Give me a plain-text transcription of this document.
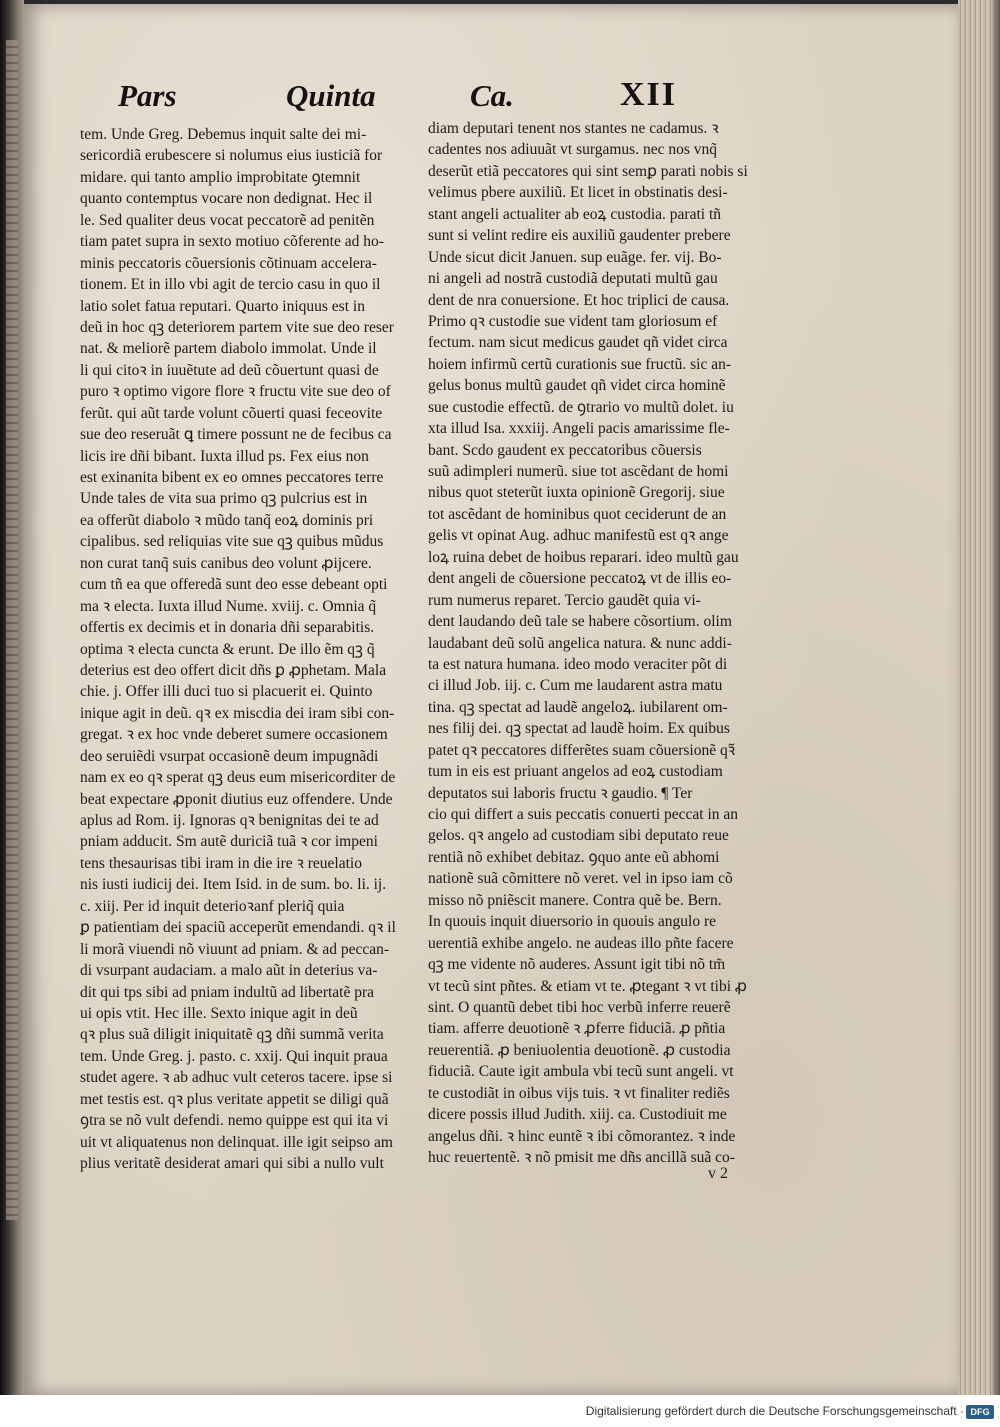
Pars	Quinta	Ca.	XII
tem. Unde Greg. Debemus inquit salte dei mi-
sericordiã erubescere si nolumus eius iusticiã for
midare. qui tanto amplio improbitate ꝯtemnit
quanto contemptus vocare non dedignat. Hec il
le. Sed qualiter deus vocat peccatorẽ ad penitẽn
tiam patet supra in sexto motiuo cõferente ad ho-
minis peccatoris cõuersionis cõtinuam accelera-
tionem. Et in illo vbi agit de tercio casu in quo il
latio solet fatua reputari. Quarto iniquus est in
deũ in hoc qꝫ deteriorem partem vite sue deo reser
nat. & meliorẽ partem diabolo immolat. Unde il
li qui citoꝛ in iuuẽtute ad deũ cõuertunt quasi de
puro ꝛ optimo vigore flore ꝛ fructu vite sue deo of
ferũt. qui aũt tarde volunt cõuerti quasi feceovite
sue deo reseruãt ꝗ timere possunt ne de fecibus ca
licis ire dñi bibant. Iuxta illud ps. Fex eius non
est exinanita bibent ex eo omnes peccatores terre
Unde tales de vita sua primo qꝫ pulcrius est in
ea offerũt diabolo ꝛ mũdo tanq̃ eoꝝ dominis pri
cipalibus. sed reliquias vite sue qꝫ quibus mũdus
non curat tanq̃ suis canibus deo volunt ꝓijcere.
cum tñ ea que offeredã sunt deo esse debeant opti
ma ꝛ electa. Iuxta illud Nume. xviij. c. Omnia q̃
offertis ex decimis et in donaria dñi separabitis.
optima ꝛ electa cuncta & erunt. De illo ẽm qꝫ q̃
deterius est deo offert dicit dñs ꝑ ꝓphetam. Mala
chie. j. Offer illi duci tuo si placuerit ei. Quinto
inique agit in deũ. qꝛ ex miscdia dei iram sibi con-
gregat. ꝛ ex hoc vnde deberet sumere occasionem
deo seruiẽdi vsurpat occasionẽ deum impugnãdi
nam ex eo qꝛ sperat qꝫ deus eum misericorditer de
beat expectare ꝓponit diutius euz offendere. Unde
aplus ad Rom. ij. Ignoras qꝛ benignitas dei te ad
pniam adducit. Sm autẽ duriciã tuã ꝛ cor impeni
tens thesaurisas tibi iram in die ire ꝛ reuelatio
nis iusti iudicij dei. Item Isid. in de sum. bo. li. ij.
c. xiij. Per id inquit deterioꝛanf pleriq̃ quia
ꝑ patientiam dei spaciũ acceperũt emendandi. qꝛ il
li morã viuendi nõ viuunt ad pniam. & ad peccan-
di vsurpant audaciam. a malo aũt in deterius va-
dit qui tps sibi ad pniam indultũ ad libertatẽ pra
ui opis vtit. Hec ille. Sexto inique agit in deũ
qꝛ plus suã diligit iniquitatẽ qꝫ dñi summã verita
tem. Unde Greg. j. pasto. c. xxij. Qui inquit praua
studet agere. ꝛ ab adhuc vult ceteros tacere. ipse si
met testis est. qꝛ plus veritate appetit se diligi quã
ꝯtra se nõ vult defendi. nemo quippe est qui ita vi
uit vt aliquatenus non delinquat. ille igit seipso am
plius veritatẽ desiderat amari qui sibi a nullo vult
diam deputari tenent nos stantes ne cadamus. ꝛ
cadentes nos adiuuãt vt surgamus. nec nos vnq̃
deserũt etiã peccatores qui sint semꝑ parati nobis si
velimus pbere auxiliũ. Et licet in obstinatis desi-
stant angeli actualiter ab eoꝝ custodia. parati tñ
sunt si velint redire eis auxiliũ gaudenter prebere
Unde sicut dicit Januen. sup euãge. fer. vij. Bo-
ni angeli ad nostrã custodiã deputati multũ gau
dent de nra conuersione. Et hoc triplici de causa.
Primo qꝛ custodie sue vident tam gloriosum ef
fectum. nam sicut medicus gaudet qñ videt circa
hoiem infirmũ certũ curationis sue fructũ. sic an-
gelus bonus multũ gaudet qñ videt circa hominẽ
sue custodie effectũ. de ꝯtrario vo multũ dolet. iu
xta illud Isa. xxxiij. Angeli pacis amarissime fle-
bant. Scdo gaudent ex peccatoribus cõuersis
suũ adimpleri numerũ. siue tot ascẽdant de homi
nibus quot steterũt iuxta opinionẽ Gregorij. siue
tot ascẽdant de hominibus quot ceciderunt de an
gelis vt opinat Aug. adhuc manifestũ est qꝛ ange
loꝝ ruina debet de hoibus reparari. ideo multũ gau
dent angeli de cõuersione peccatoꝝ vt de illis eo-
rum numerus reparet. Tercio gaudẽt quia vi-
dent laudando deũ tale se habere cõsortium. olim
laudabant deũ solũ angelica natura. & nunc addi-
ta est natura humana. ideo modo veraciter põt di
ci illud Job. iij. c. Cum me laudarent astra matu
tina. qꝫ spectat ad laudẽ angeloꝝ. iubilarent om-
nes filij dei. qꝫ spectat ad laudẽ hoim. Ex quibus
patet qꝛ peccatores differẽtes suam cõuersionẽ qꝛ̃
tum in eis est priuant angelos ad eoꝝ custodiam
deputatos sui laboris fructu ꝛ gaudio. ¶ Ter
cio qui differt a suis peccatis conuerti peccat in an
gelos. qꝛ angelo ad custodiam sibi deputato reue
rentiã nõ exhibet debitaz. ꝯquo ante eũ abhomi
nationẽ suã cõmittere nõ veret. vel in ipso iam cõ
misso nõ pniẽscit manere. Contra quẽ be. Bern.
In quouis inquit diuersorio in quouis angulo re
uerentiã exhibe angelo. ne audeas illo pñte facere
qꝫ me vidente nõ auderes. Assunt igit tibi nõ tm̃
vt tecũ sint pñtes. & etiam vt te. ꝓtegant ꝛ vt tibi ꝓ
sint. O quantũ debet tibi hoc verbũ inferre reuerẽ
tiam. afferre deuotionẽ ꝛ ꝓferre fiduciã. ꝓ pñtia
reuerentiã. ꝓ beniuolentia deuotionẽ. ꝓ custodia
fiduciã. Caute igit ambula vbi tecũ sunt angeli. vt
te custodiãt in oibus vijs tuis. ꝛ vt finaliter rediẽs
dicere possis illud Judith. xiij. ca. Custodiuit me
angelus dñi. ꝛ hinc euntẽ ꝛ ibi cõmorantez. ꝛ inde
huc reuertentẽ. ꝛ nõ pmisit me dñs ancillã suã co-
v 2
Digitalisierung gefördert durch die Deutsche Forschungsgemeinschaft · DFG
